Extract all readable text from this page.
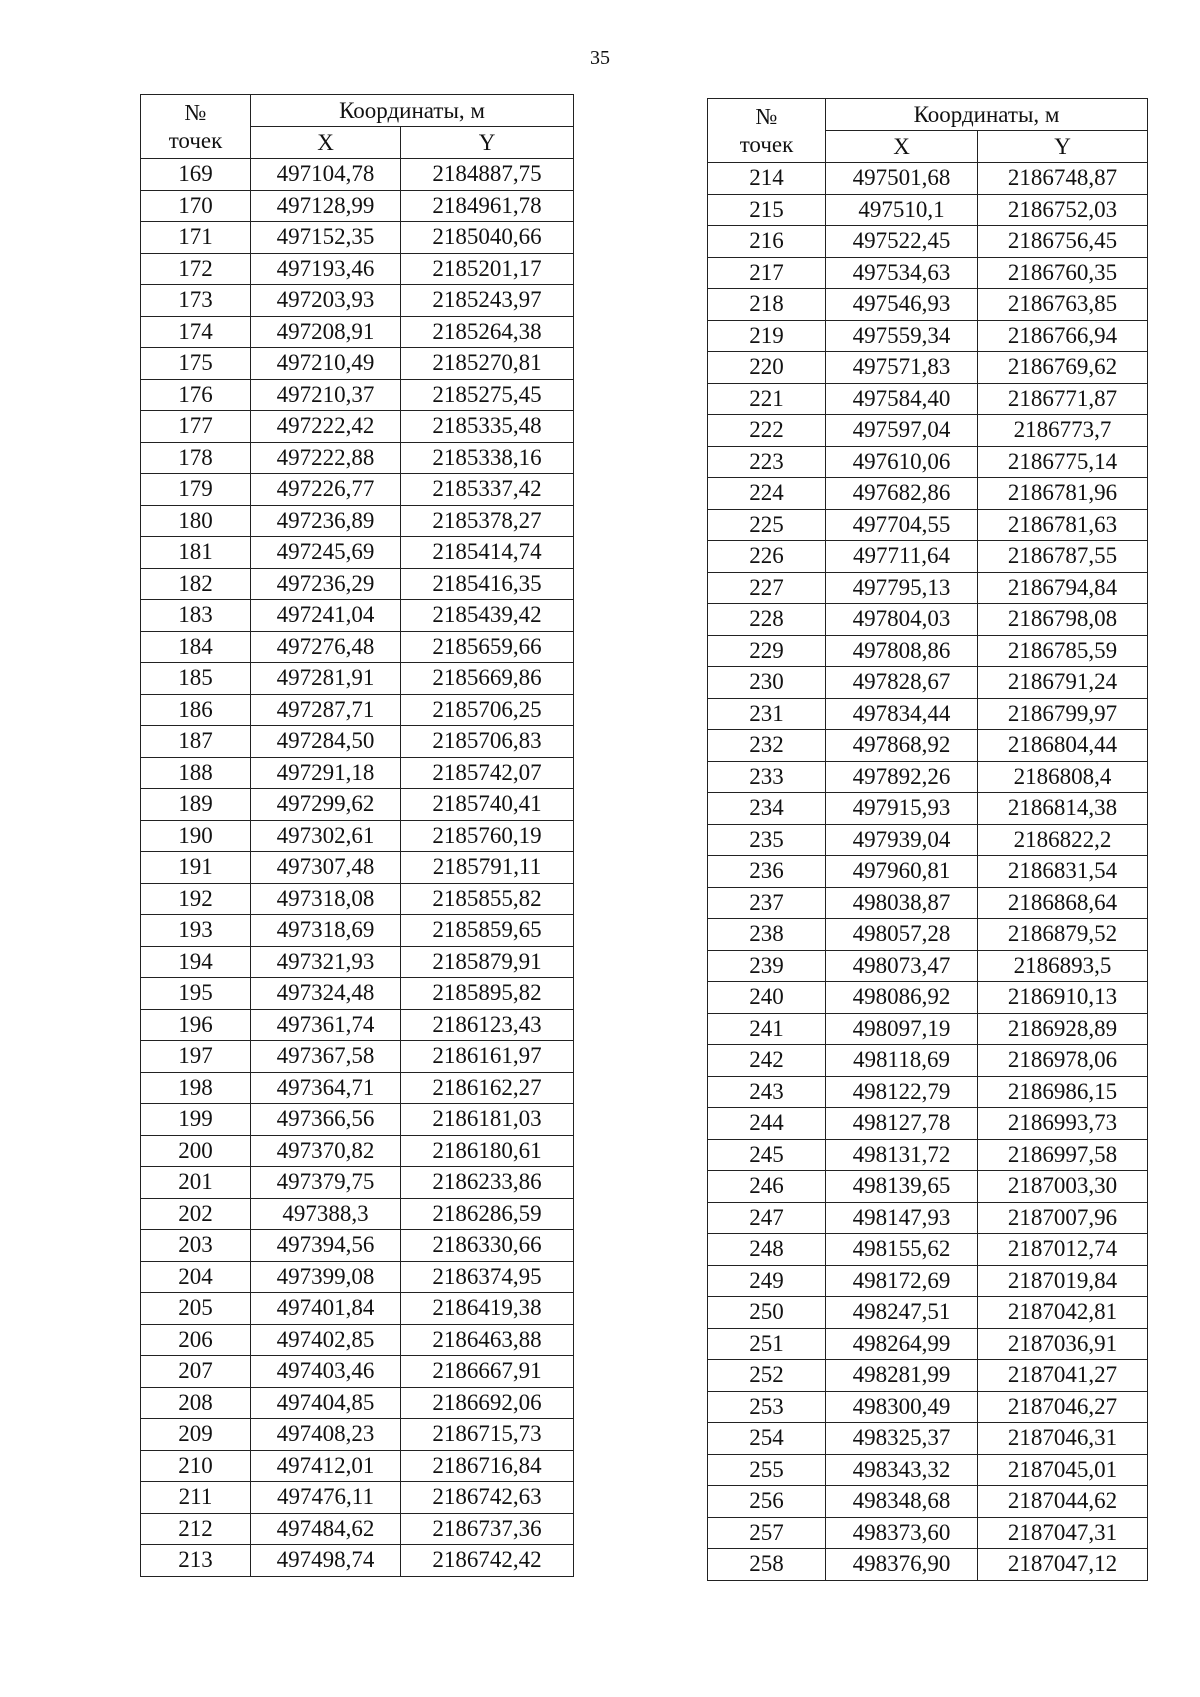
35
№
точек	Координаты, м	
	X	Y
169	497104,78	2184887,75
170	497128,99	2184961,78
171	497152,35	2185040,66
172	497193,46	2185201,17
173	497203,93	2185243,97
174	497208,91	2185264,38
175	497210,49	2185270,81
176	497210,37	2185275,45
177	497222,42	2185335,48
178	497222,88	2185338,16
179	497226,77	2185337,42
180	497236,89	2185378,27
181	497245,69	2185414,74
182	497236,29	2185416,35
183	497241,04	2185439,42
184	497276,48	2185659,66
185	497281,91	2185669,86
186	497287,71	2185706,25
187	497284,50	2185706,83
188	497291,18	2185742,07
189	497299,62	2185740,41
190	497302,61	2185760,19
191	497307,48	2185791,11
192	497318,08	2185855,82
193	497318,69	2185859,65
194	497321,93	2185879,91
195	497324,48	2185895,82
196	497361,74	2186123,43
197	497367,58	2186161,97
198	497364,71	2186162,27
199	497366,56	2186181,03
200	497370,82	2186180,61
201	497379,75	2186233,86
202	497388,3	2186286,59
203	497394,56	2186330,66
204	497399,08	2186374,95
205	497401,84	2186419,38
206	497402,85	2186463,88
207	497403,46	2186667,91
208	497404,85	2186692,06
209	497408,23	2186715,73
210	497412,01	2186716,84
211	497476,11	2186742,63
212	497484,62	2186737,36
213	497498,74	2186742,42
№
точек	Координаты, м	
	X	Y
214	497501,68	2186748,87
215	497510,1	2186752,03
216	497522,45	2186756,45
217	497534,63	2186760,35
218	497546,93	2186763,85
219	497559,34	2186766,94
220	497571,83	2186769,62
221	497584,40	2186771,87
222	497597,04	2186773,7
223	497610,06	2186775,14
224	497682,86	2186781,96
225	497704,55	2186781,63
226	497711,64	2186787,55
227	497795,13	2186794,84
228	497804,03	2186798,08
229	497808,86	2186785,59
230	497828,67	2186791,24
231	497834,44	2186799,97
232	497868,92	2186804,44
233	497892,26	2186808,4
234	497915,93	2186814,38
235	497939,04	2186822,2
236	497960,81	2186831,54
237	498038,87	2186868,64
238	498057,28	2186879,52
239	498073,47	2186893,5
240	498086,92	2186910,13
241	498097,19	2186928,89
242	498118,69	2186978,06
243	498122,79	2186986,15
244	498127,78	2186993,73
245	498131,72	2186997,58
246	498139,65	2187003,30
247	498147,93	2187007,96
248	498155,62	2187012,74
249	498172,69	2187019,84
250	498247,51	2187042,81
251	498264,99	2187036,91
252	498281,99	2187041,27
253	498300,49	2187046,27
254	498325,37	2187046,31
255	498343,32	2187045,01
256	498348,68	2187044,62
257	498373,60	2187047,31
258	498376,90	2187047,12
